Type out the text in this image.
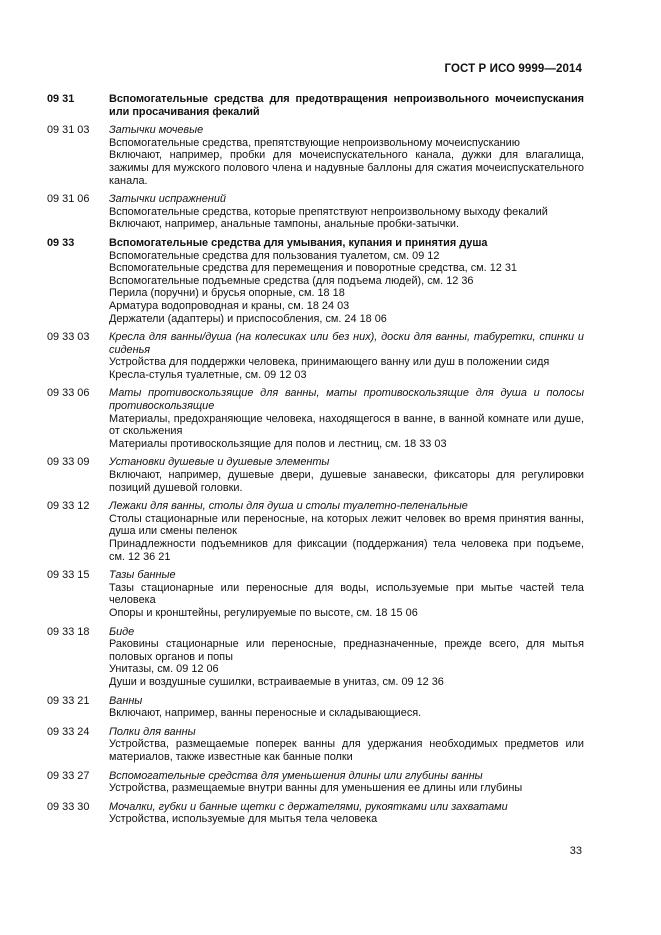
ГОСТ Р ИСО 9999—2014
09 31	Вспомогательные средства для предотвращения непроизвольного мочеиспускания или просачивания фекалий
09 31 03	Затычки мочевые
Вспомогательные средства, препятствующие непроизвольному мочеиспусканию
Включают, например, пробки для мочеиспускательного канала, дужки для влагалища, зажимы для мужского полового члена и надувные баллоны для сжатия мочеиспускательного канала.
09 31 06	Затычки испражнений
Вспомогательные средства, которые препятствуют непроизвольному выходу фекалий
Включают, например, анальные тампоны, анальные пробки-затычки.
09 33	Вспомогательные средства для умывания, купания и принятия душа
Вспомогательные средства для пользования туалетом, см. 09 12
Вспомогательные средства для перемещения и поворотные средства, см. 12 31
Вспомогательные подъемные средства (для подъема людей), см. 12 36
Перила (поручни) и брусья опорные, см. 18 18
Арматура водопроводная и краны, см. 18 24 03
Держатели (адаптеры) и приспособления, см. 24 18 06
09 33 03	Кресла для ванны/душа (на колесиках или без них), доски для ванны, табуретки, спинки и сиденья
Устройства для поддержки человека, принимающего ванну или душ в положении сидя
Кресла-стулья туалетные, см. 09 12 03
09 33 06	Маты противоскользящие для ванны, маты противоскользящие для душа и полосы противоскользящие
Материалы, предохраняющие человека, находящегося в ванне, в ванной комнате или душе, от скольжения
Материалы противоскользящие для полов и лестниц, см. 18 33 03
09 33 09	Установки душевые и душевые элементы
Включают, например, душевые двери, душевые занавески, фиксаторы для регулировки позиций душевой головки.
09 33 12	Лежаки для ванны, столы для душа и столы туалетно-пеленальные
Столы стационарные или переносные, на которых лежит человек во время принятия ванны, душа или смены пеленок
Принадлежности подъемников для фиксации (поддержания) тела человека при подъеме, см. 12 36 21
09 33 15	Тазы банные
Тазы стационарные или переносные для воды, используемые при мытье частей тела человека
Опоры и кронштейны, регулируемые по высоте, см. 18 15 06
09 33 18	Биде
Раковины стационарные или переносные, предназначенные, прежде всего, для мытья половых органов и попы
Унитазы, см. 09 12 06
Души и воздушные сушилки, встраиваемые в унитаз, см. 09 12 36
09 33 21	Ванны
Включают, например, ванны переносные и складывающиеся.
09 33 24	Полки для ванны
Устройства, размещаемые поперек ванны для удержания необходимых предметов или материалов, также известные как банные полки
09 33 27	Вспомогательные средства для уменьшения длины или глубины ванны
Устройства, размещаемые внутри ванны для уменьшения ее длины или глубины
09 33 30	Мочалки, губки и банные щетки с держателями, рукоятками или захватами
Устройства, используемые для мытья тела человека
33
